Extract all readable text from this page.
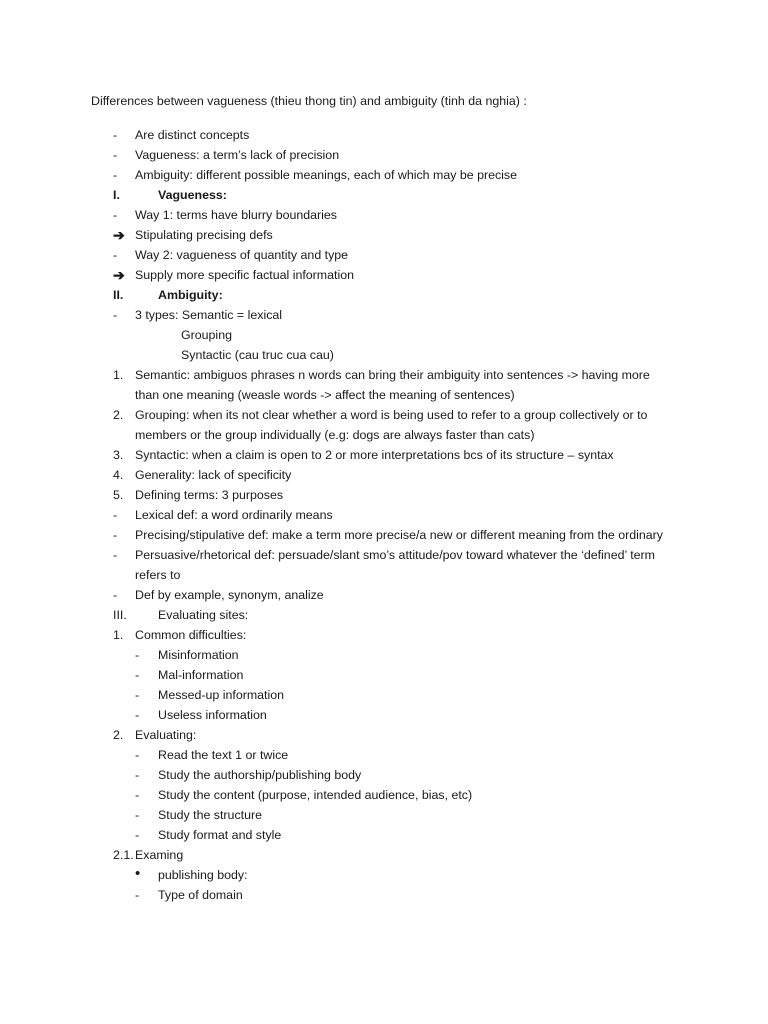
Differences between vagueness (thieu thong tin) and ambiguity (tinh da nghia) :
-	Are distinct concepts
-	Vagueness: a term’s lack of precision
-	Ambiguity: different possible meanings, each of which may be precise
I.	Vagueness:
-	Way 1: terms have blurry boundaries
➔ Stipulating precising defs
-	Way 2: vagueness of quantity and type
➔ Supply more specific factual information
II.	Ambiguity:
-	3 types: Semantic = lexical
Grouping
Syntactic (cau truc cua cau)
1. Semantic: ambiguos phrases n words can bring their ambiguity into sentences -> having more than one meaning (weasle words -> affect the meaning of sentences)
2. Grouping: when its not clear whether a word is being used to refer to a group collectively or to members or the group individually (e.g: dogs are always faster than cats)
3. Syntactic: when a claim is open to 2 or more interpretations bcs of its structure – syntax
4. Generality: lack of specificity
5. Defining terms: 3 purposes
-	Lexical def: a word ordinarily means
-	Precising/stipulative def: make a term more precise/a new or different meaning from the ordinary
-	Persuasive/rhetorical def: persuade/slant smo’s attitude/pov toward whatever the ‘defined’ term refers to
-	Def by example, synonym, analize
III.	Evaluating sites:
1. Common difficulties:
-	Misinformation
-	Mal-information
-	Messed-up information
-	Useless information
2. Evaluating:
-	Read the text 1 or twice
-	Study the authorship/publishing body
-	Study the content (purpose, intended audience, bias, etc)
-	Study the structure
-	Study format and style
2.1. Examing
•	publishing body:
-	Type of domain
